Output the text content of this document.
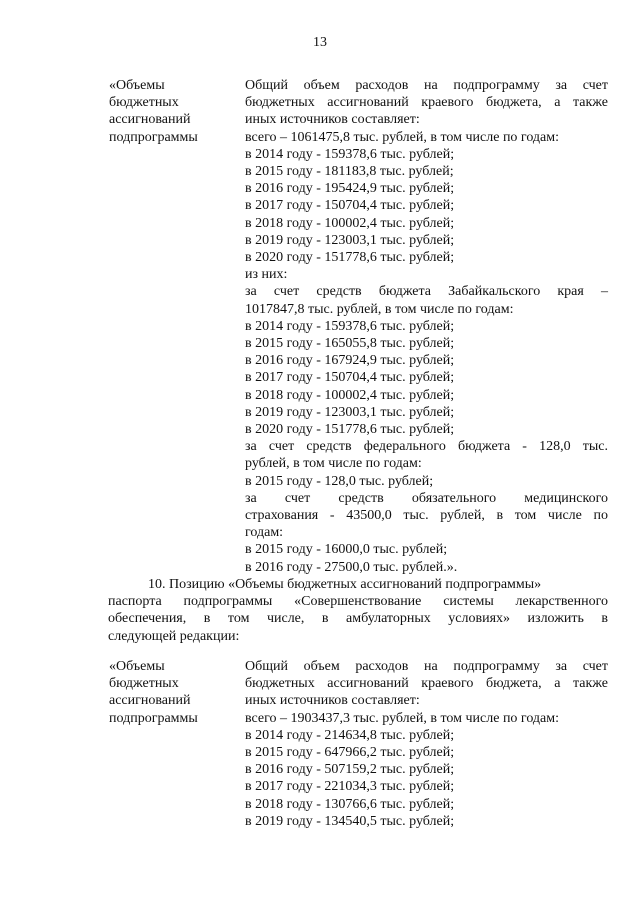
13
«Объемы
бюджетных
ассигнований
подпрограммы
Общий объем расходов на подпрограмму за счет
бюджетных ассигнований краевого бюджета, а также
иных источников составляет:
всего – 1061475,8 тыс. рублей, в том числе по годам:
в 2014 году - 159378,6 тыс. рублей;
в 2015 году - 181183,8 тыс. рублей;
в 2016 году - 195424,9 тыс. рублей;
в 2017 году - 150704,4 тыс. рублей;
в 2018 году - 100002,4 тыс. рублей;
в 2019 году - 123003,1 тыс. рублей;
в 2020 году - 151778,6 тыс. рублей;
из них:
за счет средств бюджета Забайкальского края –
1017847,8 тыс. рублей, в том числе по годам:
в 2014 году - 159378,6 тыс. рублей;
в 2015 году - 165055,8 тыс. рублей;
в 2016 году - 167924,9 тыс. рублей;
в 2017 году - 150704,4 тыс. рублей;
в 2018 году - 100002,4 тыс. рублей;
в 2019 году - 123003,1 тыс. рублей;
в 2020 году - 151778,6 тыс. рублей;
за счет средств федерального бюджета - 128,0 тыс.
рублей, в том числе по годам:
в 2015 году - 128,0 тыс. рублей;
за счет средств обязательного медицинского
страхования - 43500,0 тыс. рублей, в том числе по
годам:
в 2015 году - 16000,0 тыс. рублей;
в 2016 году - 27500,0 тыс. рублей.».
10. Позицию «Объемы бюджетных ассигнований подпрограммы»
паспорта подпрограммы «Совершенствование системы лекарственного
обеспечения, в том числе, в амбулаторных условиях» изложить в
следующей редакции:
«Объемы
бюджетных
ассигнований
подпрограммы
Общий объем расходов на подпрограмму за счет
бюджетных ассигнований краевого бюджета, а также
иных источников составляет:
всего – 1903437,3 тыс. рублей, в том числе по годам:
в 2014 году - 214634,8 тыс. рублей;
в 2015 году - 647966,2 тыс. рублей;
в 2016 году - 507159,2 тыс. рублей;
в 2017 году - 221034,3 тыс. рублей;
в 2018 году - 130766,6 тыс. рублей;
в 2019 году - 134540,5 тыс. рублей;
